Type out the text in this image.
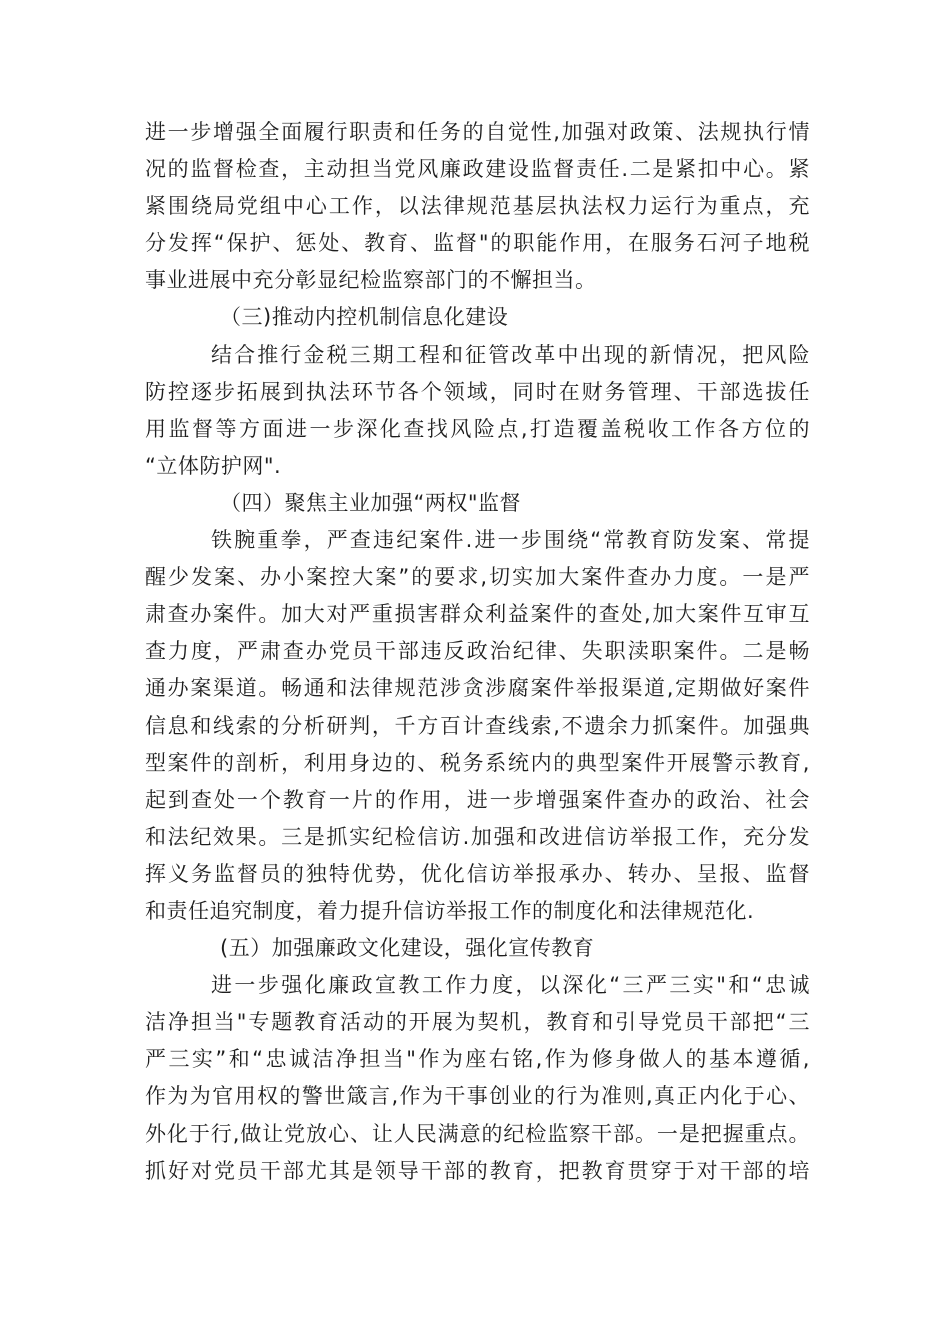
进一步增强全面履行职责和任务的自觉性,加强对政策、法规执行情
况的监督检查，主动担当党风廉政建设监督责任.二是紧扣中心。紧
紧围绕局党组中心工作，以法律规范基层执法权力运行为重点，充
分发挥“保护、惩处、教育、监督"的职能作用，在服务石河子地税
事业进展中充分彰显纪检监察部门的不懈担当。
（三)推动内控机制信息化建设
结合推行金税三期工程和征管改革中出现的新情况，把风险
防控逐步拓展到执法环节各个领域，同时在财务管理、干部选拔任
用监督等方面进一步深化查找风险点,打造覆盖税收工作各方位的
“立体防护网".
（四）聚焦主业加强“两权"监督
铁腕重拳，严查违纪案件.进一步围绕“常教育防发案、常提
醒少发案、办小案控大案”的要求,切实加大案件查办力度。一是严
肃查办案件。加大对严重损害群众利益案件的查处,加大案件互审互
查力度，严肃查办党员干部违反政治纪律、失职渎职案件。二是畅
通办案渠道。畅通和法律规范涉贪涉腐案件举报渠道,定期做好案件
信息和线索的分析研判，千方百计查线索,不遗余力抓案件。加强典
型案件的剖析，利用身边的、税务系统内的典型案件开展警示教育,
起到查处一个教育一片的作用，进一步增强案件查办的政治、社会
和法纪效果。三是抓实纪检信访.加强和改进信访举报工作，充分发
挥义务监督员的独特优势，优化信访举报承办、转办、呈报、监督
和责任追究制度，着力提升信访举报工作的制度化和法律规范化.
(五）加强廉政文化建设，强化宣传教育
进一步强化廉政宣教工作力度，以深化“三严三实"和“忠诚
洁净担当"专题教育活动的开展为契机，教育和引导党员干部把“三
严三实”和“忠诚洁净担当"作为座右铭,作为修身做人的基本遵循,
作为为官用权的警世箴言,作为干事创业的行为准则,真正内化于心、
外化于行,做让党放心、让人民满意的纪检监察干部。一是把握重点。
抓好对党员干部尤其是领导干部的教育，把教育贯穿于对干部的培
